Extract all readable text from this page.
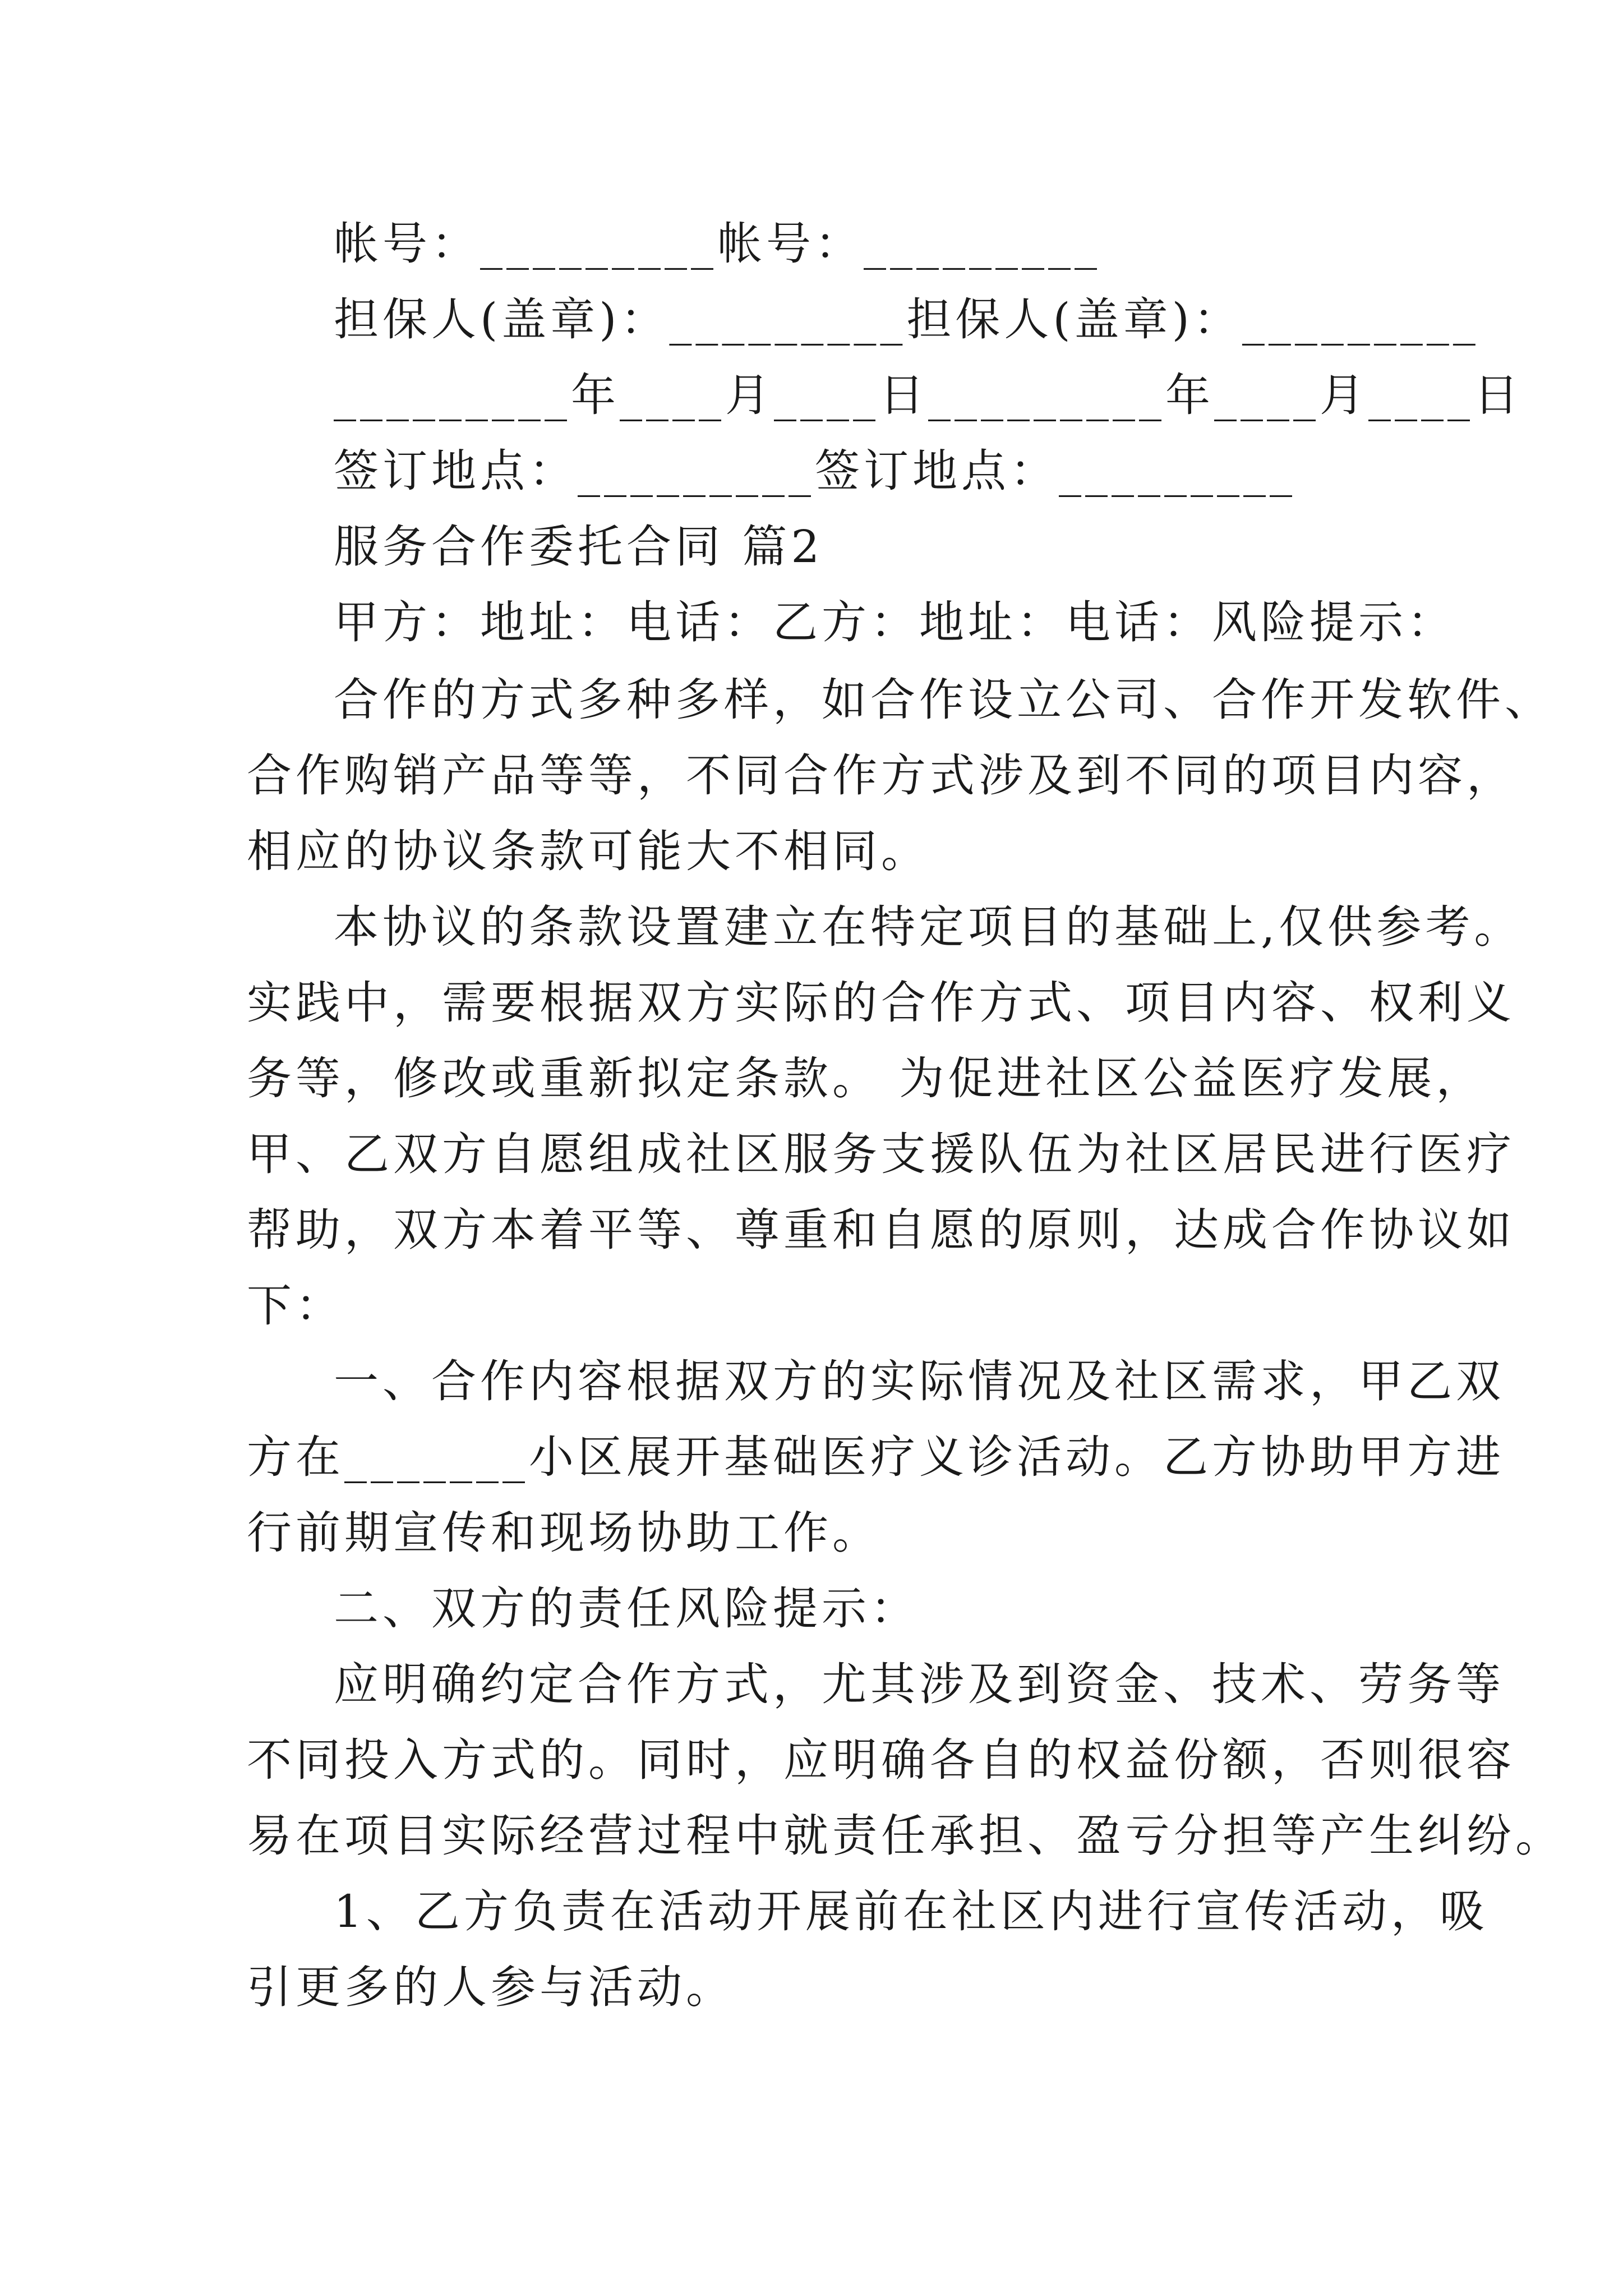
帐号：_________帐号：_________
担保人(盖章)：_________担保人(盖章)：_________
_________年____月____日_________年____月____日
签订地点：_________签订地点：_________
服务合作委托合同 篇2
甲方：地址：电话：乙方：地址：电话：风险提示：
合作的方式多种多样，如合作设立公司、合作开发软件、
合作购销产品等等，不同合作方式涉及到不同的项目内容，
相应的协议条款可能大不相同。
本协议的条款设置建立在特定项目的基础上,仅供参考。
实践中，需要根据双方实际的合作方式、项目内容、权利义
务等，修改或重新拟定条款。 为促进社区公益医疗发展，
甲、乙双方自愿组成社区服务支援队伍为社区居民进行医疗
帮助，双方本着平等、尊重和自愿的原则，达成合作协议如
下：
一、合作内容根据双方的实际情况及社区需求，甲乙双
方在_______小区展开基础医疗义诊活动。乙方协助甲方进
行前期宣传和现场协助工作。
二、双方的责任风险提示：
应明确约定合作方式，尤其涉及到资金、技术、劳务等
不同投入方式的。同时，应明确各自的权益份额，否则很容
易在项目实际经营过程中就责任承担、盈亏分担等产生纠纷。
1、乙方负责在活动开展前在社区内进行宣传活动，吸
引更多的人参与活动。
